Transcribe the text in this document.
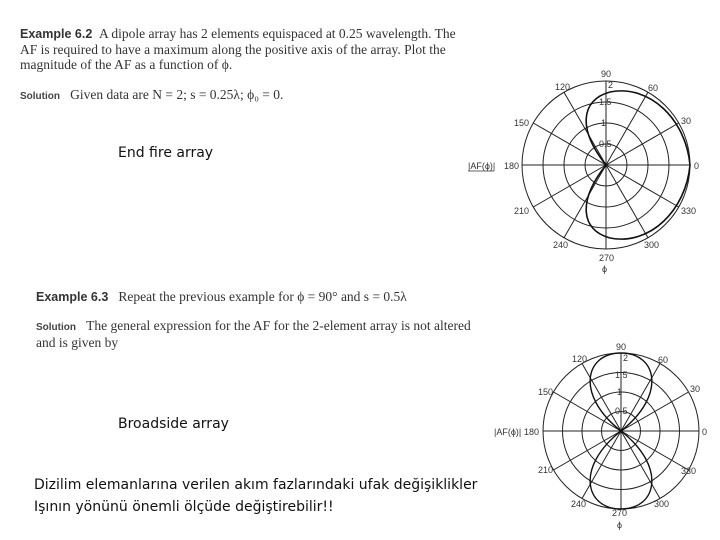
Example 6.2 A dipole array has 2 elements equispaced at 0.25 wavelength. The
AF is required to have a maximum along the positive axis of the array. Plot the
magnitude of the AF as a function of ϕ.
Solution Given data are N = 2; s = 0.25λ; ϕ₀ = 0.
End fire array
90
60
30
0
330
300
270
240
210
180
150
120	2
1.5
1
0.5
|AF(ϕ)|
ϕ
Example 6.3 Repeat the previous example for ϕ = 90° and s = 0.5λ
Solution The general expression for the AF for the 2-element array is not altered
and is given by
Broadside array
90
60
30
0
330
300
270
240
210
180
150
120	2
1.5
1
0.5
|AF(ϕ)|
ϕ
Dizilim elemanlarına verilen akım fazlarındaki ufak değişiklikler
Işının yönünü önemli ölçüde değiştirebilir!!
